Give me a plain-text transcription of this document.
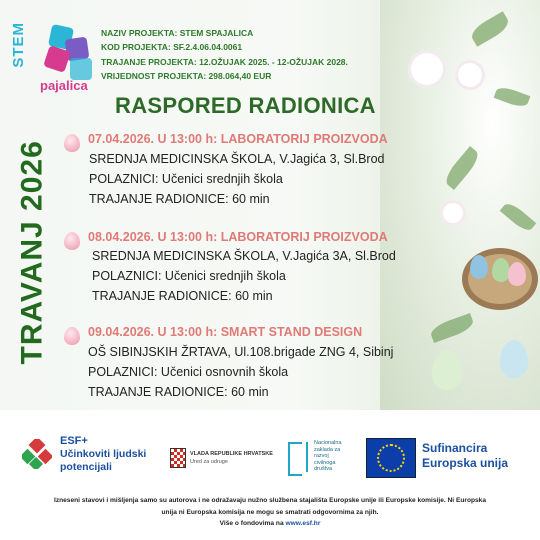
STEM
pajalica
NAZIV PROJEKTA: STEM SPAJALICA
KOD PROJEKTA: SF.2.4.06.04.0061
TRAJANJE PROJEKTA: 12.OŽUJAK 2025. - 12-OŽUJAK 2028.
VRIJEDNOST PROJEKTA: 298.064,40 EUR
RASPORED RADIONICA
TRAVANJ 2026
07.04.2026. U 13:00 h: LABORATORIJ PROIZVODA
SREDNJA MEDICINSKA ŠKOLA, V.Jagića 3, Sl.Brod
POLAZNICI: Učenici srednjih škola
TRAJANJE RADIONICE: 60 min
08.04.2026. U 13:00 h: LABORATORIJ PROIZVODA
SREDNJA MEDICINSKA ŠKOLA, V.Jagića 3A, Sl.Brod
POLAZNICI: Učenici srednjih škola
TRAJANJE RADIONICE: 60 min
09.04.2026. U 13:00 h: SMART STAND DESIGN
OŠ SIBINJSKIH ŽRTAVA, Ul.108.brigade ZNG 4, Sibinj
POLAZNICI: Učenici osnovnih škola
TRAJANJE RADIONICE: 60 min
ESF+
Učinkoviti ljudski
potencijali
VLADA REPUBLIKE HRVATSKE
Ured za udruge
Nacionalna
zaklada za
razvoj
civilnoga
društva
Sufinancira
Europska unija
Izneseni stavovi i mišljenja samo su autorova i ne odražavaju nužno službena stajališta Europske unije ili Europske komisije. Ni Europska
unija ni Europska komisija ne mogu se smatrati odgovornima za njih.
Više o fondovima na www.esf.hr
